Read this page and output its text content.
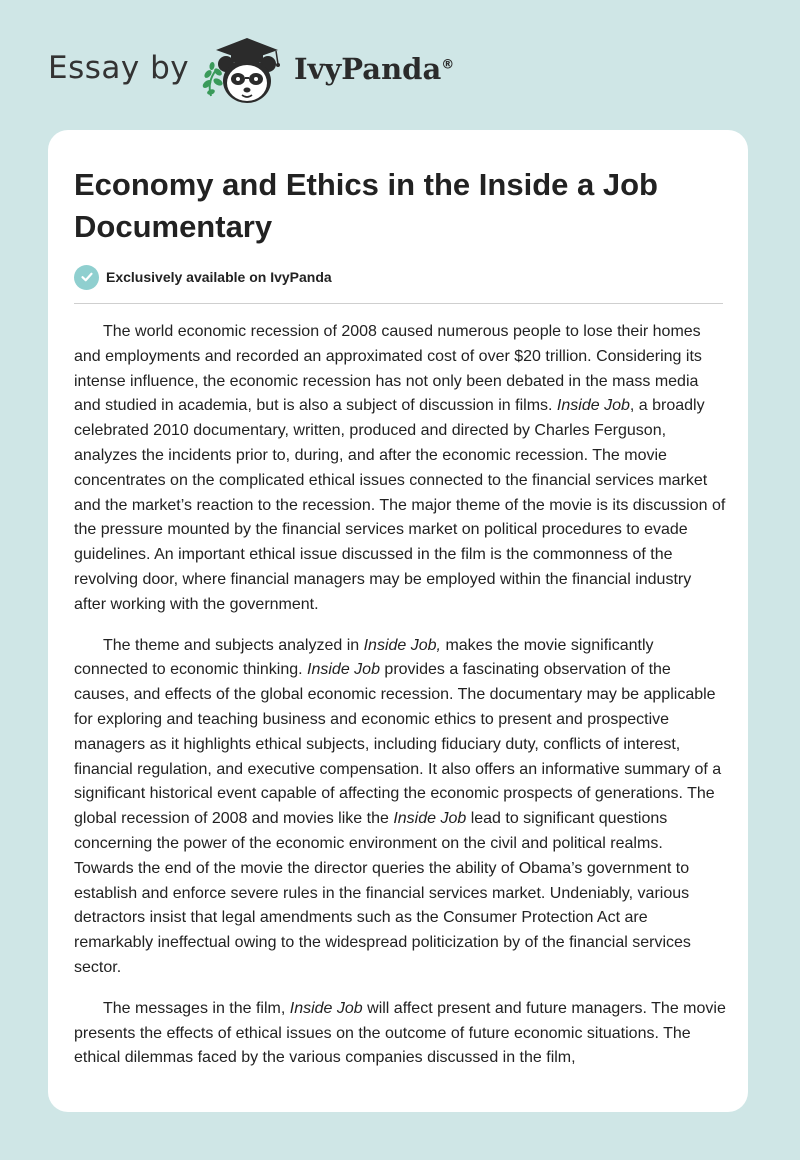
Essay by	IvyPanda®
Economy and Ethics in the Inside a Job Documentary
Exclusively available on IvyPanda

The world economic recession of 2008 caused numerous people to lose their homes and employments and recorded an approximated cost of over $20 trillion. Considering its intense influence, the economic recession has not only been debated in the mass media and studied in academia, but is also a subject of discussion in films. Inside Job, a broadly celebrated 2010 documentary, written, produced and directed by Charles Ferguson, analyzes the incidents prior to, during, and after the economic recession. The movie concentrates on the complicated ethical issues connected to the financial services market and the market’s reaction to the recession. The major theme of the movie is its discussion of the pressure mounted by the financial services market on political procedures to evade guidelines. An important ethical issue discussed in the film is the commonness of the revolving door, where financial managers may be employed within the financial industry after working with the government.

The theme and subjects analyzed in Inside Job, makes the movie significantly connected to economic thinking. Inside Job provides a fascinating observation of the causes, and effects of the global economic recession. The documentary may be applicable for exploring and teaching business and economic ethics to present and prospective managers as it highlights ethical subjects, including fiduciary duty, conflicts of interest, financial regulation, and executive compensation. It also offers an informative summary of a significant historical event capable of affecting the economic prospects of generations. The global recession of 2008 and movies like the Inside Job lead to significant questions concerning the power of the economic environment on the civil and political realms. Towards the end of the movie the director queries the ability of Obama’s government to establish and enforce severe rules in the financial services market. Undeniably, various detractors insist that legal amendments such as the Consumer Protection Act are remarkably ineffectual owing to the widespread politicization by of the financial services sector.

The messages in the film, Inside Job will affect present and future managers. The movie presents the effects of ethical issues on the outcome of future economic situations. The ethical dilemmas faced by the various companies discussed in the film,
